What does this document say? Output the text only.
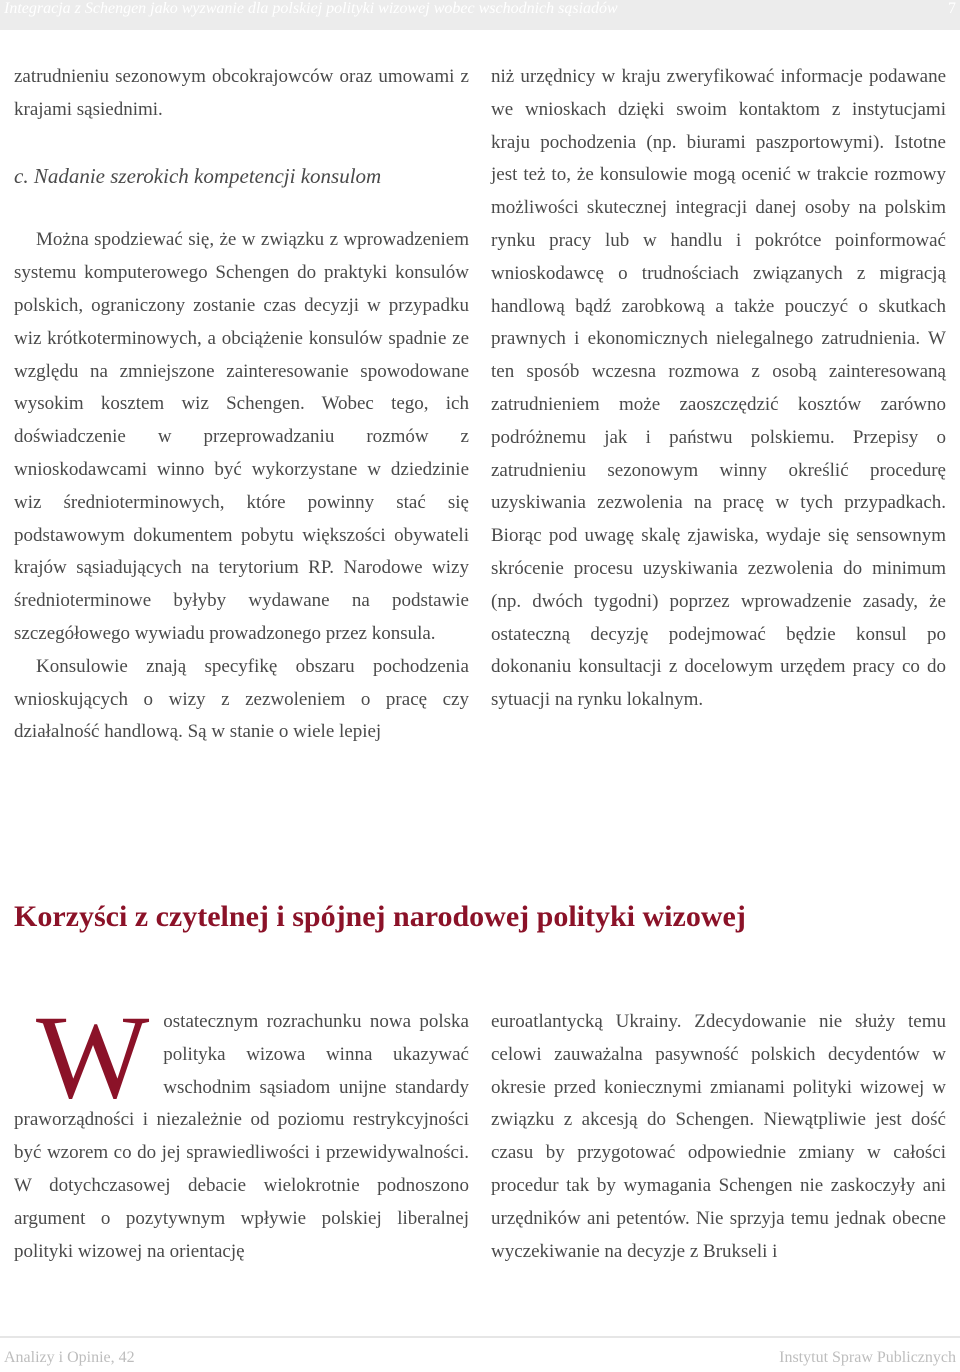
Integracja z Schengen jako wyzwanie dla polskiej polityki wizowej wobec wschodnich sąsiadów	7

zatrudnieniu sezonowym obcokrajowców oraz umowami z krajami sąsiednimi.

c. Nadanie szerokich kompetencji konsulom

Można spodziewać się, że w związku z wprowadzeniem systemu komputerowego Schengen do praktyki konsulów polskich, ograniczony zostanie czas decyzji w przypadku wiz krótkoterminowych, a obciążenie konsulów spadnie ze względu na zmniejszone zainteresowanie spowodowane wysokim kosztem wiz Schengen. Wobec tego, ich doświadczenie w przeprowadzaniu rozmów z wnioskodawcami winno być wykorzystane w dziedzinie wiz średnioterminowych, które powinny stać się podstawowym dokumentem pobytu większości obywateli krajów sąsiadujących na terytorium RP. Narodowe wizy średnioterminowe byłyby wydawane na podstawie szczegółowego wywiadu prowadzonego przez konsula.

Konsulowie znają specyfikę obszaru pochodzenia wnioskujących o wizy z zezwoleniem o pracę czy działalność handlową. Są w stanie o wiele lepiej

niż urzędnicy w kraju zweryfikować informacje podawane we wnioskach dzięki swoim kontaktom z instytucjami kraju pochodzenia (np. biurami paszportowymi). Istotne jest też to, że konsulowie mogą ocenić w trakcie rozmowy możliwości skutecznej integracji danej osoby na polskim rynku pracy lub w handlu i pokrótce poinformować wnioskodawcę o trudnościach związanych z migracją handlową bądź zarobkową a także pouczyć o skutkach prawnych i ekonomicznych nielegalnego zatrudnienia. W ten sposób wczesna rozmowa z osobą zainteresowaną zatrudnieniem może zaoszczędzić kosztów zarówno podróżnemu jak i państwu polskiemu. Przepisy o zatrudnieniu sezonowym winny określić procedurę uzyskiwania zezwolenia na pracę w tych przypadkach. Biorąc pod uwagę skalę zjawiska, wydaje się sensownym skrócenie procesu uzyskiwania zezwolenia do minimum (np. dwóch tygodni) poprzez wprowadzenie zasady, że ostateczną decyzję podejmować będzie konsul po dokonaniu konsultacji z docelowym urzędem pracy co do sytuacji na rynku lokalnym.

Korzyści z czytelnej i spójnej narodowej polityki wizowej

Wostatecznym rozrachunku nowa polska polityka wizowa winna ukazywać wschodnim sąsiadom unijne standardy praworządności i niezależnie od poziomu restrykcyjności być wzorem co do jej sprawiedliwości i przewidywalności. W dotychczasowej debacie wielokrotnie podnoszono argument o pozytywnym wpływie polskiej liberalnej polityki wizowej na orientację

euroatlantycką Ukrainy. Zdecydowanie nie służy temu celowi zauważalna pasywność polskich decydentów w okresie przed koniecznymi zmianami polityki wizowej w związku z akcesją do Schengen. Niewątpliwie jest dość czasu by przygotować odpowiednie zmiany w całości procedur tak by wymagania Schengen nie zaskoczyły ani urzędników ani petentów. Nie sprzyja temu jednak obecne wyczekiwanie na decyzje z Brukseli i

Analizy i Opinie, 42	Instytut Spraw Publicznych
